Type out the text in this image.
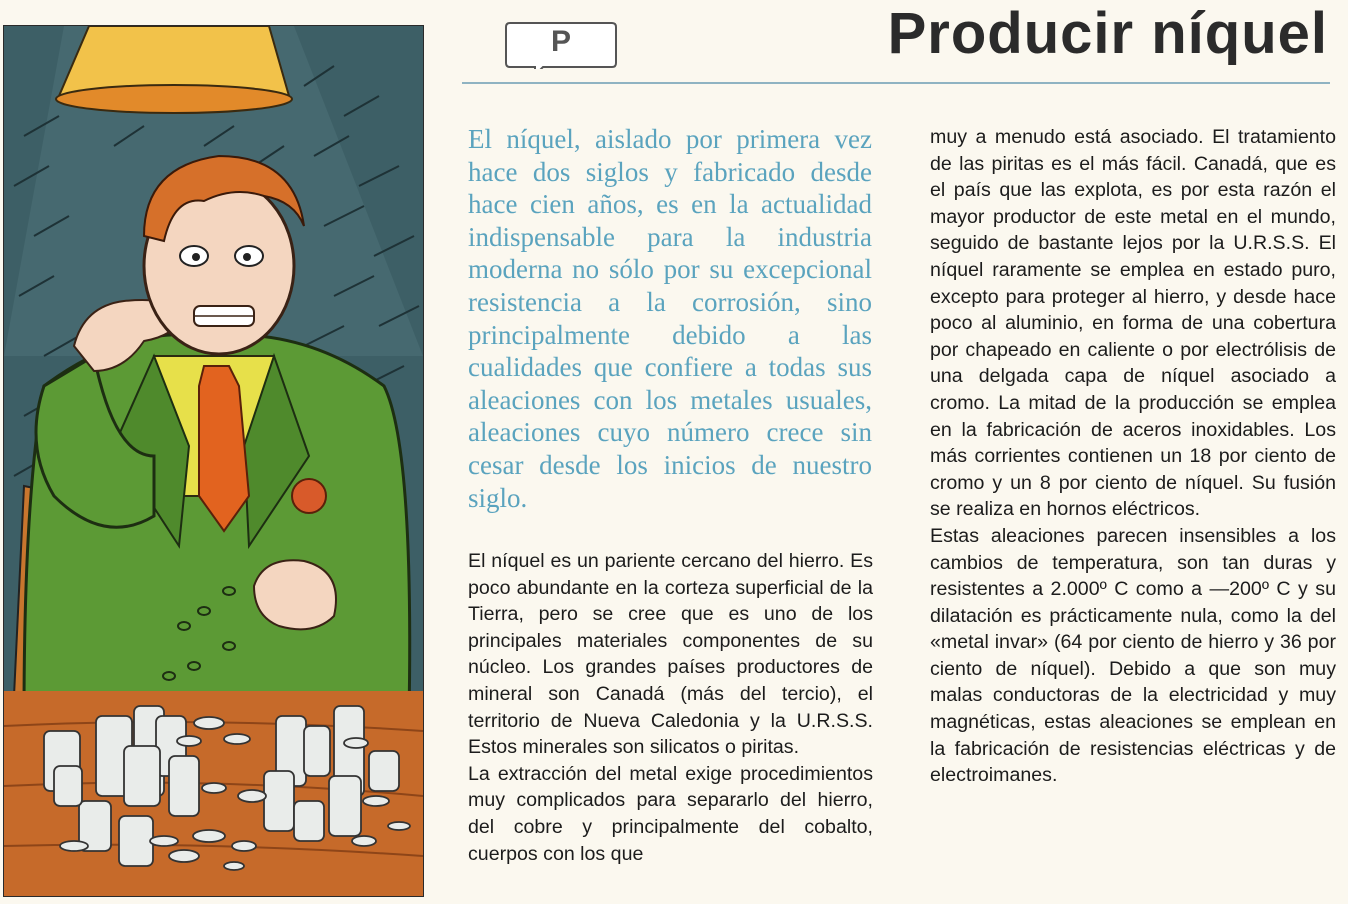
P	Producir níquel

El níquel, aislado por primera vez hace dos siglos y fabricado desde hace cien años, es en la actualidad indispensable para la industria moderna no sólo por su excepcional resistencia a la corrosión, sino principalmente debido a las cualidades que confiere a todas sus aleaciones con los metales usuales, aleaciones cuyo número crece sin cesar desde los inicios de nuestro siglo.

El níquel es un pariente cercano del hierro. Es poco abundante en la corteza superficial de la Tierra, pero se cree que es uno de los principales materiales componentes de su núcleo. Los grandes países productores de mineral son Canadá (más del tercio), el territorio de Nueva Caledonia y la U.R.S.S. Estos minerales son silicatos o piritas.

La extracción del metal exige procedimientos muy complicados para separarlo del hierro, del cobre y principalmente del cobalto, cuerpos con los que

muy a menudo está asociado. El tratamiento de las piritas es el más fácil. Canadá, que es el país que las explota, es por esta razón el mayor productor de este metal en el mundo, seguido de bastante lejos por la U.R.S.S. El níquel raramente se emplea en estado puro, excepto para proteger al hierro, y desde hace poco al aluminio, en forma de una cobertura por chapeado en caliente o por electrólisis de una delgada capa de níquel asociado a cromo. La mitad de la producción se emplea en la fabricación de aceros inoxidables. Los más corrientes contienen un 18 por ciento de cromo y un 8 por ciento de níquel. Su fusión se realiza en hornos eléctricos.

Estas aleaciones parecen insensibles a los cambios de temperatura, son tan duras y resistentes a 2.000º C como a —200º C y su dilatación es prácticamente nula, como la del «metal invar» (64 por ciento de hierro y 36 por ciento de níquel). Debido a que son muy malas conductoras de la electricidad y muy magnéticas, estas aleaciones se emplean en la fabricación de resistencias eléctricas y de electroimanes.
